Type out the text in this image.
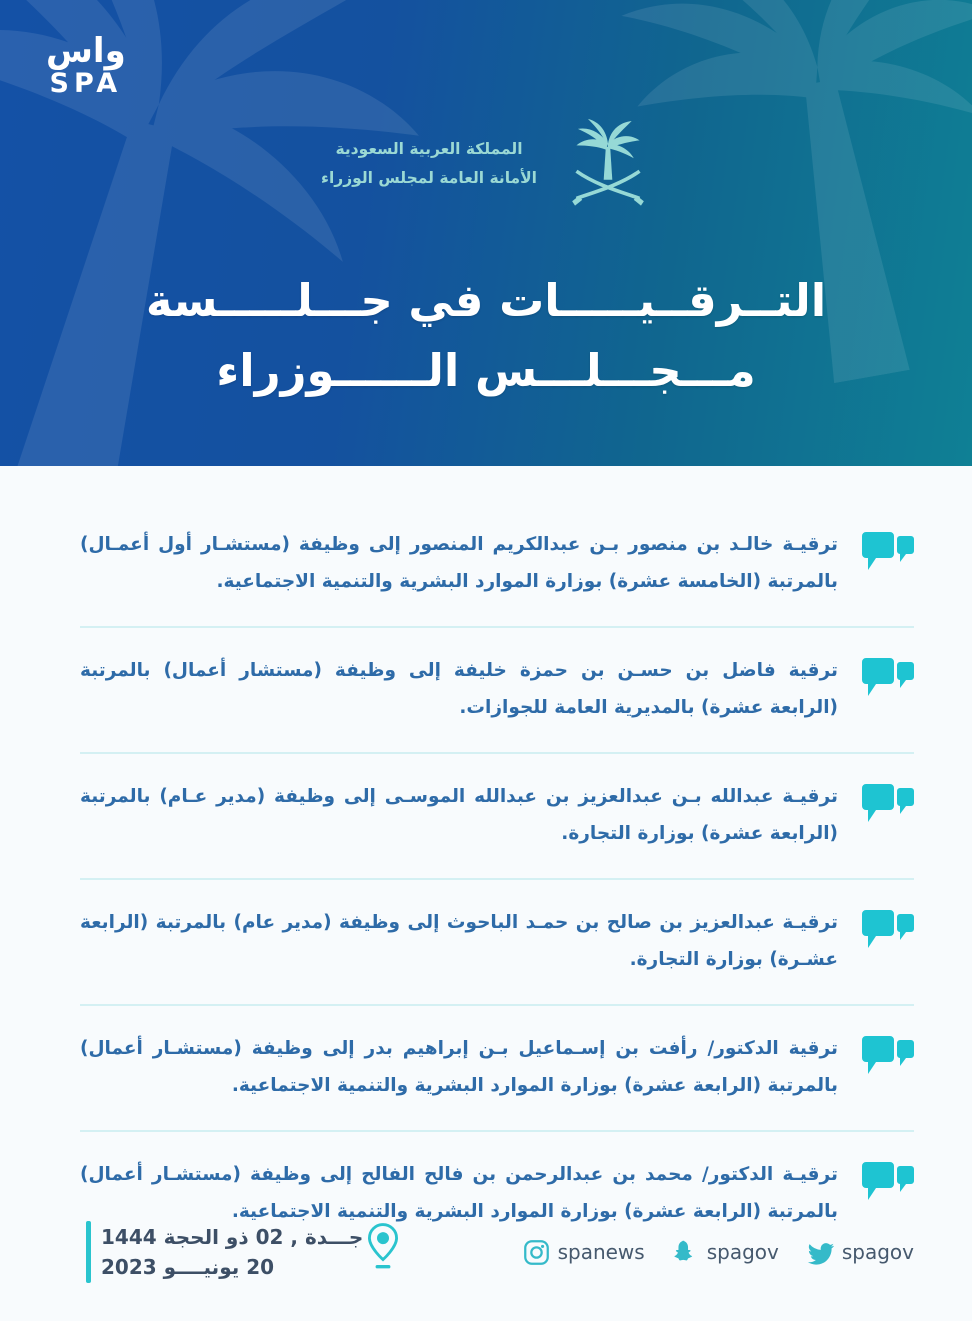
واس
SPA
المملكة العربية السعودية
الأمانة العامة لمجلس الوزراء
التــرقــيـــــات في جـــلـــــسة
مـــجـــلـــس الــــــوزراء

ترقيـة خالـد بن منصور بـن عبدالكريم المنصور إلى وظيفة (مستشـار أول أعمـال) بالمرتبة (الخامسة عشرة) بوزارة الموارد البشرية والتنمية الاجتماعية.

ترقية فاضل بن حسـن بن حمزة خليفة إلى وظيفة (مستشار أعمال) بالمرتبة (الرابعة عشرة) بالمديرية العامة للجوازات.

ترقيـة عبدالله بـن عبدالعزيز بن عبدالله الموسـى إلى وظيفة (مدير عـام) بالمرتبة (الرابعة عشرة) بوزارة التجارة.

ترقيـة عبدالعزيز بن صالح بن حمـد الباحوث إلى وظيفة (مدير عام) بالمرتبة (الرابعة عشـرة) بوزارة التجارة.

ترقية الدكتور/ رأفت بن إسـماعيل بـن إبراهيم بدر إلى وظيفة (مستشـار أعمال) بالمرتبة (الرابعة عشرة) بوزارة الموارد البشرية والتنمية الاجتماعية.

ترقيـة الدكتور/ محمد بن عبدالرحمن بن فالح الفالح إلى وظيفة (مستشـار أعمال) بالمرتبة (الرابعة عشرة) بوزارة الموارد البشرية والتنمية الاجتماعية.

جـــدة , 02 ذو الحجة 1444
20 يونيــــو 2023
spanews	spagov	spagov
